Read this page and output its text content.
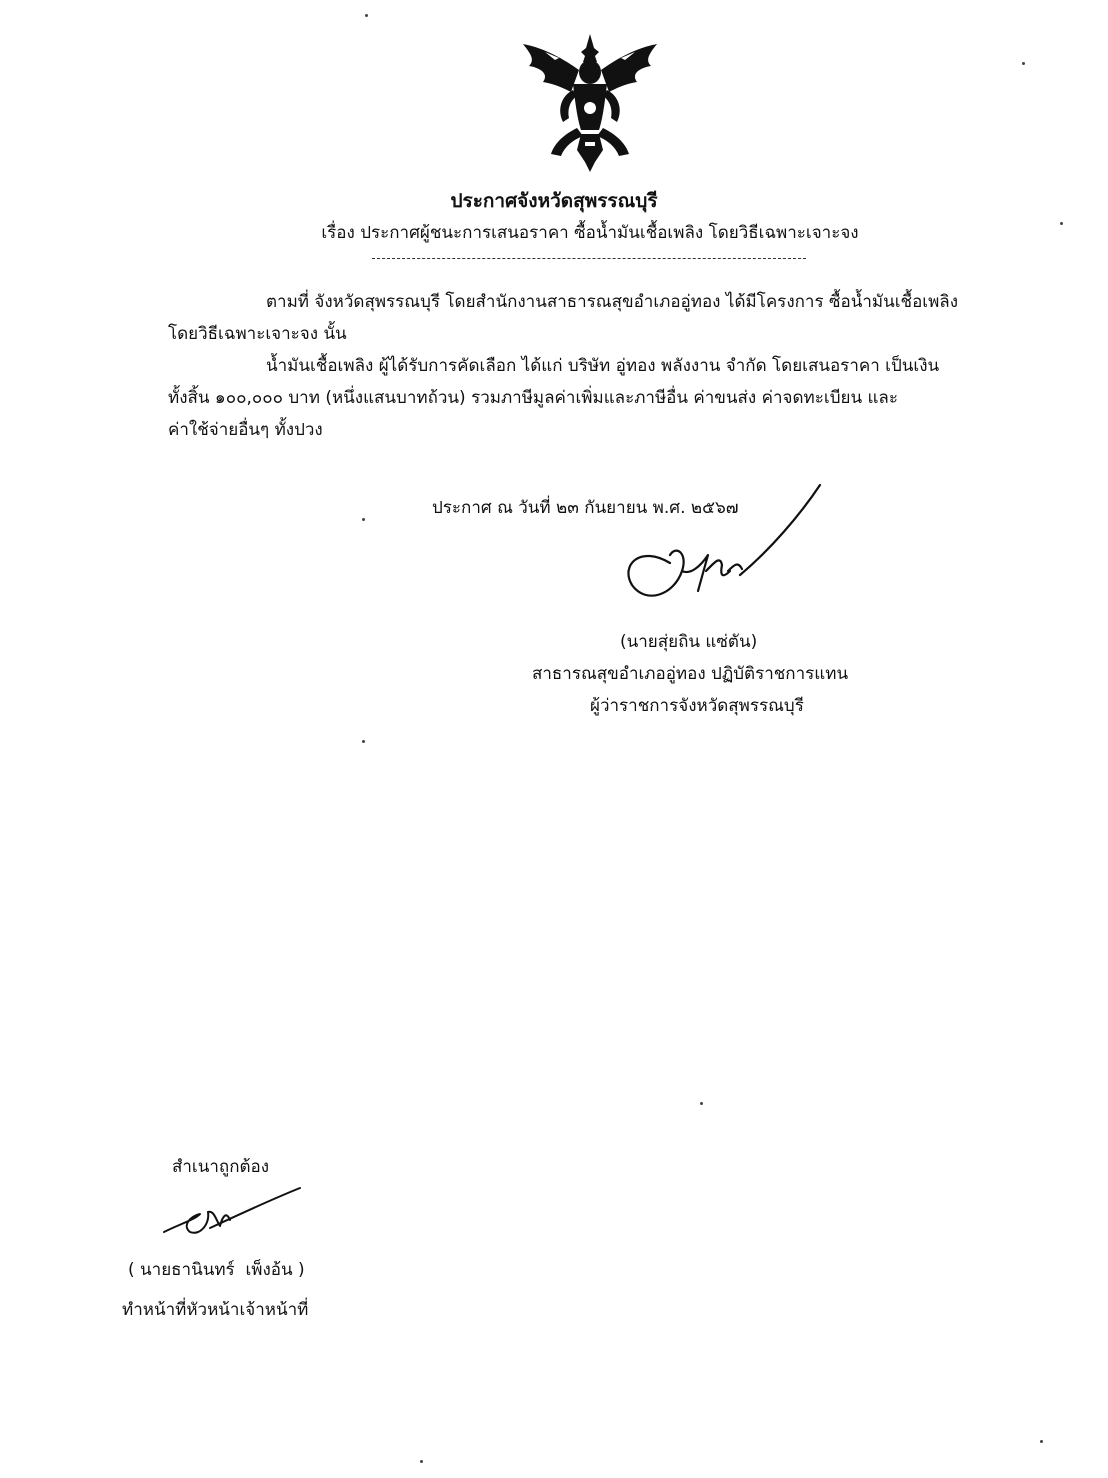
ประกาศจังหวัดสุพรรณบุรี
เรื่อง ประกาศผู้ชนะการเสนอราคา ซื้อน้ำมันเชื้อเพลิง โดยวิธีเฉพาะเจาะจง
ตามที่ จังหวัดสุพรรณบุรี โดยสำนักงานสาธารณสุขอำเภออู่ทอง ได้มีโครงการ ซื้อน้ำมันเชื้อเพลิง
โดยวิธีเฉพาะเจาะจง นั้น
น้ำมันเชื้อเพลิง ผู้ได้รับการคัดเลือก ได้แก่ บริษัท อู่ทอง พลังงาน จำกัด โดยเสนอราคา เป็นเงิน
ทั้งสิ้น ๑๐๐,๐๐๐ บาท (หนึ่งแสนบาทถ้วน) รวมภาษีมูลค่าเพิ่มและภาษีอื่น ค่าขนส่ง ค่าจดทะเบียน และ
ค่าใช้จ่ายอื่นๆ ทั้งปวง
ประกาศ ณ วันที่ ๒๓ กันยายน พ.ศ. ๒๕๖๗
(นายสุ่ยถิน แซ่ตัน)
สาธารณสุขอำเภออู่ทอง ปฏิบัติราชการแทน
ผู้ว่าราชการจังหวัดสุพรรณบุรี
สำเนาถูกต้อง
( นายธานินทร์  เพ็งอ้น )
ทำหน้าที่หัวหน้าเจ้าหน้าที่
